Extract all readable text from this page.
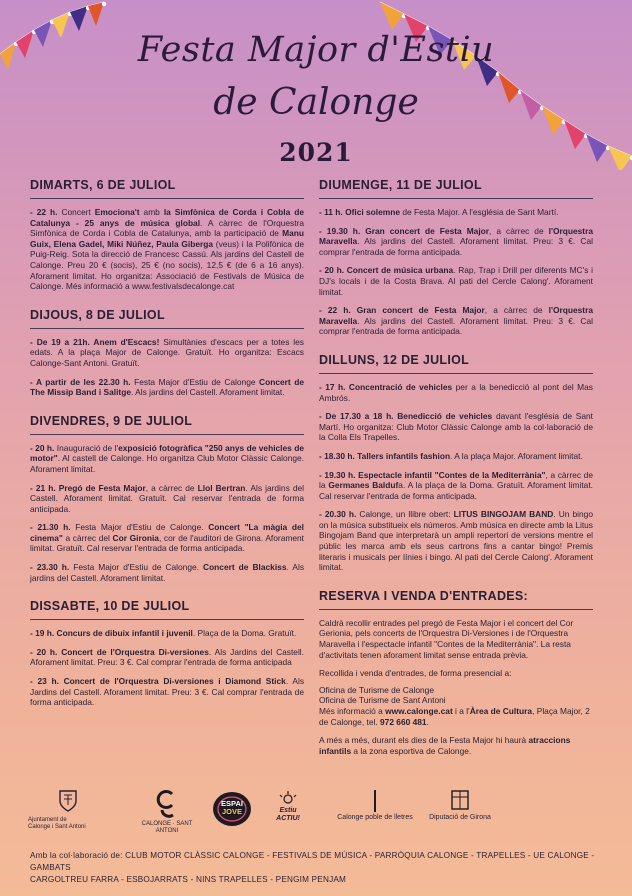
Festa Major d'Estiu
de Calonge
2021
DIMARTS, 6 DE JULIOL

- 22 h. Concert Emociona't amb la Simfònica de Corda i Cobla de Catalunya - 25 anys de música global. A càrrec de l'Orquestra Simfònica de Corda i Cobla de Catalunya, amb la participació de Manu Guix, Elena Gadel, Miki Núñez, Paula Giberga (veus) i la Polifònica de Puig-Reig. Sota la direcció de Francesc Cassú. Als jardins del Castell de Calonge. Preu 20 € (socis), 25 € (no socis), 12,5 € (de 6 a 16 anys). Aforament limitat. Ho organitza: Associació de Festivals de Música de Calonge. Més informació a www.festivalsdecalonge.cat

DIJOUS, 8 DE JULIOL

- De 19 a 21h. Anem d'Escacs! Simultànies d'escacs per a totes les edats. A la plaça Major de Calonge. Gratuït. Ho organitza: Escacs Calonge-Sant Antoni. Gratuït.

- A partir de les 22.30 h. Festa Major d'Estiu de Calonge Concert de The Missip Band i Salitge. Als jardins del Castell. Aforament limitat.

DIVENDRES, 9 DE JULIOL

- 20 h. Inauguració de l'exposició fotogràfica "250 anys de vehicles de motor". Al castell de Calonge. Ho organitza Club Motor Clàssic Calonge. Aforament limitat.

- 21 h. Pregó de Festa Major, a càrrec de Llol Bertran. Als jardins del Castell. Aforament limitat. Gratuït. Cal reservar l'entrada de forma anticipada.

- 21.30 h. Festa Major d'Estiu de Calonge. Concert "La màgia del cinema" a càrrec del Cor Gironia, cor de l'auditori de Girona. Aforament limitat. Gratuït. Cal reservar l'entrada de forma anticipada.

- 23.30 h. Festa Major d'Estiu de Calonge. Concert de Blackiss. Als jardins del Castell. Aforament limitat.

DISSABTE, 10 DE JULIOL

- 19 h. Concurs de dibuix infantil i juvenil. Plaça de la Doma. Gratuït.

- 20 h. Concert de l'Orquestra Di-versiones. Als Jardins del Castell. Aforament limitat. Preu: 3 €. Cal comprar l'entrada de forma anticipada

- 23 h. Concert de l'Orquestra Di-versiones i Diamond Stick. Als Jardins del Castell. Aforament limitat. Preu: 3 €. Cal comprar l'entrada de forma anticipada.

DIUMENGE, 11 DE JULIOL

- 11 h. Ofici solemne de Festa Major. A l'església de Sant Martí.

- 19.30 h. Gran concert de Festa Major, a càrrec de l'Orquestra Maravella. Als jardins del Castell. Aforament limitat. Preu: 3 €. Cal comprar l'entrada de forma anticipada.

- 20 h. Concert de música urbana. Rap, Trap i Drill per diferents MC's i DJ's locals i de la Costa Brava. Al pati del Cercle Calong'. Aforament limitat.

- 22 h. Gran concert de Festa Major, a càrrec de l'Orquestra Maravella. Als jardins del Castell. Aforament limitat. Preu: 3 €. Cal comprar l'entrada de forma anticipada.

DILLUNS, 12 DE JULIOL

- 17 h. Concentració de vehicles per a la benedicció al pont del Mas Ambrós.

- De 17.30 a 18 h. Benedicció de vehicles davant l'església de Sant Martí. Ho organitza: Club Motor Clàssic Calonge amb la col·laboració de la Colla Els Trapelles.

- 18.30 h. Tallers infantils fashion. A la plaça Major. Aforament limitat.

- 19.30 h. Espectacle infantil "Contes de la Mediterrània", a càrrec de la Germanes Baldufa. A la plaça de la Doma. Gratuït. Aforament limitat. Cal reservar l'entrada de forma anticipada.

- 20.30 h. Calonge, un llibre obert: LITUS BINGOJAM BAND. Un bingo on la música substitueix els números. Amb música en directe amb la Litus Bingojam Band que interpretarà un ampli repertori de versions mentre el públic les marca amb els seus cartrons fins a cantar bingo! Premis literaris i musicals per línies i bingo. Al pati del Cercle Calong'. Aforament limitat.

RESERVA I VENDA D'ENTRADES:

Caldrà recollir entrades pel pregó de Festa Major i el concert del Cor Gerionia, pels concerts de l'Orquestra Di-Versiones i de l'Orquestra Maravella i l'espectacle infantil "Contes de la Mediterrània". La resta d'activitats tenen aforament limitat sense entrada prèvia.

Recollida i venda d'entrades, de forma presencial a:

Oficina de Turisme de Calonge
Oficina de Turisme de Sant Antoni
Més informació a www.calonge.cat i a l'Àrea de Cultura, Plaça Major, 2 de Calonge, tel. 972 660 481.

A més a més, durant els dies de la Festa Major hi haurà atraccions infantils a la zona esportiva de Calonge.

Ajuntament de
Calonge i Sant Antoni	CALONGE · SANT ANTONI
ESPAI
JOVE	Estiu
ACTIU!	Calonge poble de lletres	Diputació de Girona
Amb la col·laboració de: CLUB MOTOR CLÀSSIC CALONGE - FESTIVALS DE MÚSICA - PARRÒQUIA CALONGE - TRAPELLES - UE CALONGE - GAMBATS
CARGOLTREU FARRA - ESBOJARRATS - NINS TRAPELLES - PENGIM PENJAM
